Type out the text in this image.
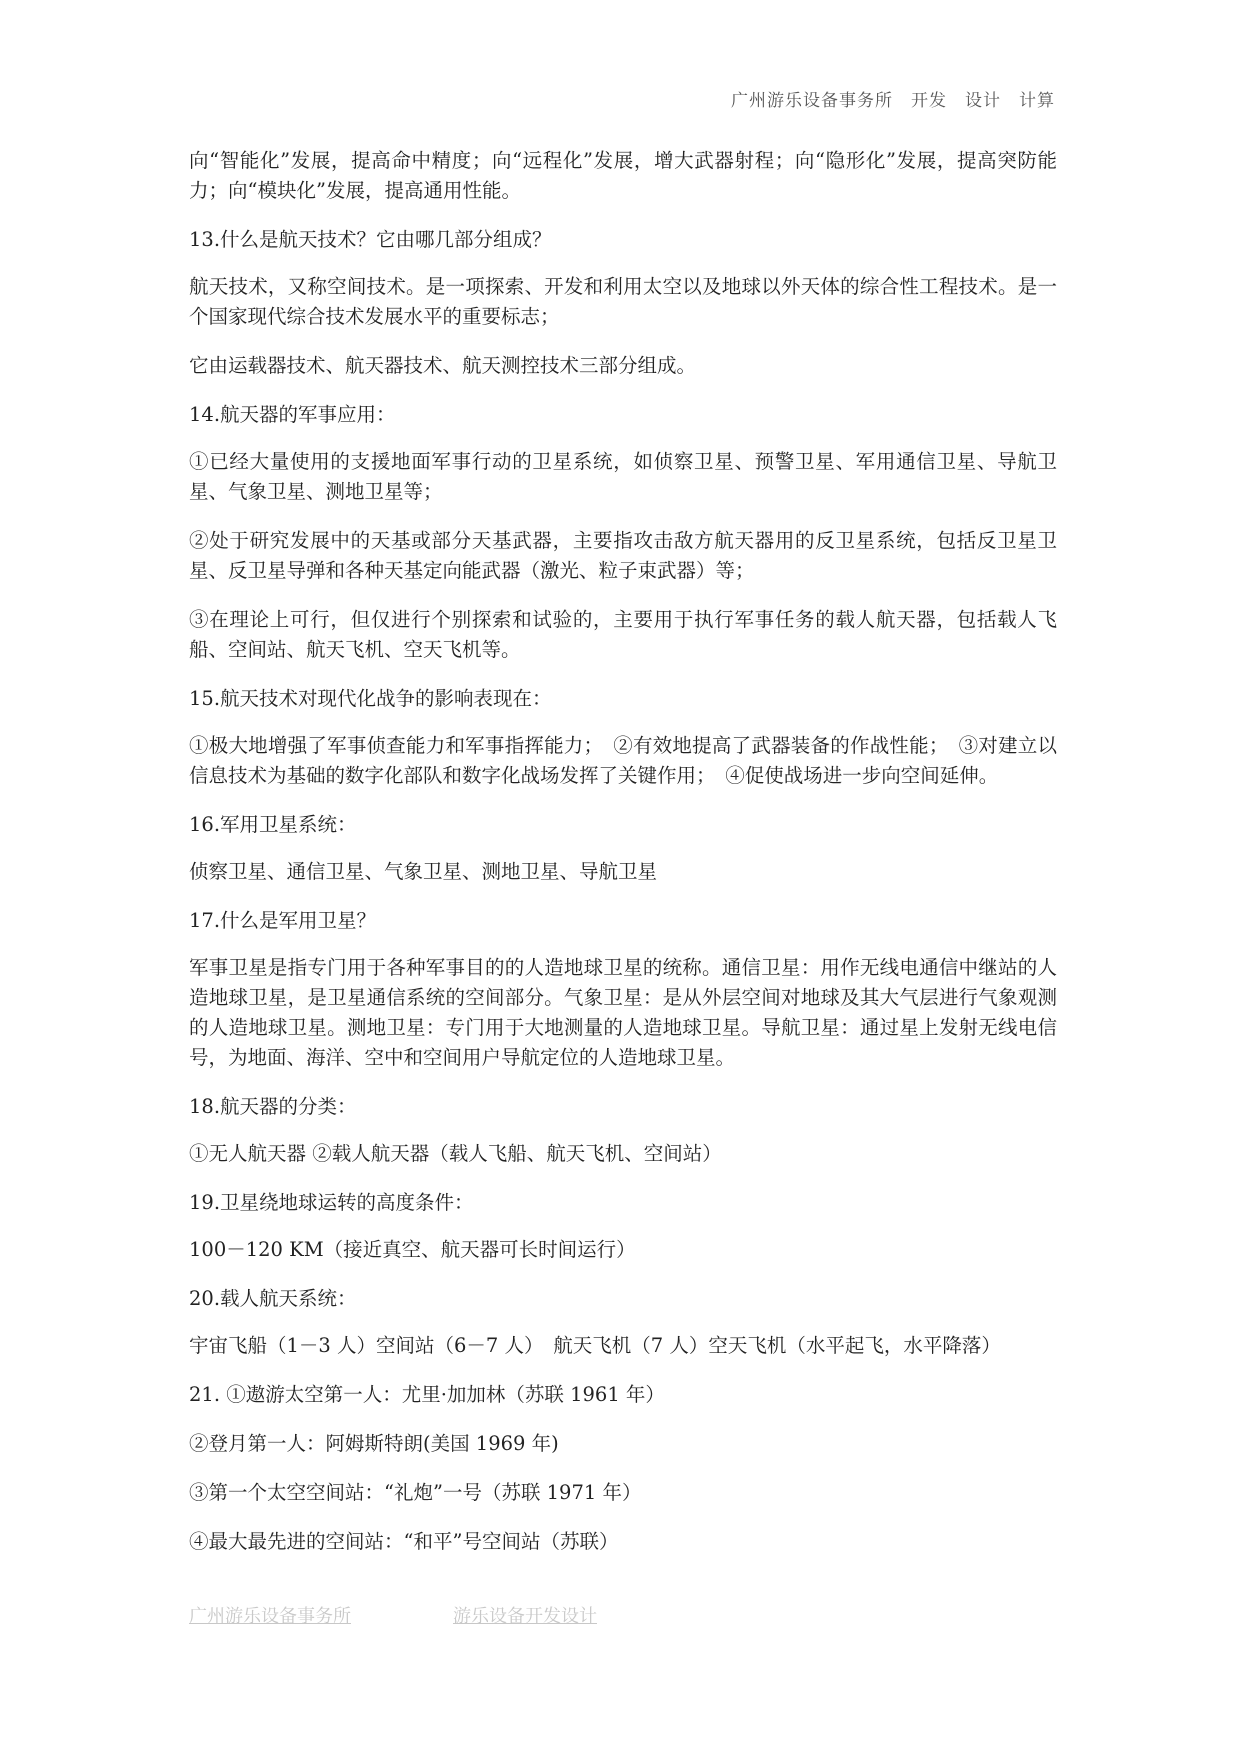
广州游乐设备事务所　开发　设计　计算

向“智能化”发展，提高命中精度；向“远程化”发展，增大武器射程；向“隐形化”发展，提高突防能力；向“模块化”发展，提高通用性能。

13.什么是航天技术？它由哪几部分组成？

航天技术，又称空间技术。是一项探索、开发和利用太空以及地球以外天体的综合性工程技术。是一个国家现代综合技术发展水平的重要标志；

它由运载器技术、航天器技术、航天测控技术三部分组成。

14.航天器的军事应用：

①已经大量使用的支援地面军事行动的卫星系统，如侦察卫星、预警卫星、军用通信卫星、导航卫星、气象卫星、测地卫星等；

②处于研究发展中的天基或部分天基武器，主要指攻击敌方航天器用的反卫星系统，包括反卫星卫星、反卫星导弹和各种天基定向能武器（激光、粒子束武器）等；

③在理论上可行，但仅进行个别探索和试验的，主要用于执行军事任务的载人航天器，包括载人飞船、空间站、航天飞机、空天飞机等。

15.航天技术对现代化战争的影响表现在：

①极大地增强了军事侦查能力和军事指挥能力；　②有效地提高了武器装备的作战性能；　③对建立以信息技术为基础的数字化部队和数字化战场发挥了关键作用；　④促使战场进一步向空间延伸。

16.军用卫星系统：

侦察卫星、通信卫星、气象卫星、测地卫星、导航卫星

17.什么是军用卫星？

军事卫星是指专门用于各种军事目的的人造地球卫星的统称。通信卫星：用作无线电通信中继站的人造地球卫星，是卫星通信系统的空间部分。气象卫星：是从外层空间对地球及其大气层进行气象观测的人造地球卫星。测地卫星：专门用于大地测量的人造地球卫星。导航卫星：通过星上发射无线电信号，为地面、海洋、空中和空间用户导航定位的人造地球卫星。

18.航天器的分类：

①无人航天器 ②载人航天器（载人飞船、航天飞机、空间站）

19.卫星绕地球运转的高度条件：

100－120 KM（接近真空、航天器可长时间运行）

20.载人航天系统：

宇宙飞船（1－3 人）空间站（6－7 人）　航天飞机（7 人）空天飞机（水平起飞，水平降落）

21. ①遨游太空第一人：尤里·加加林（苏联 1961 年）

②登月第一人：阿姆斯特朗(美国 1969 年)

③第一个太空空间站：“礼炮”一号（苏联 1971 年）

④最大最先进的空间站：“和平”号空间站（苏联）

广州游乐设备事务所	游乐设备开发设计
